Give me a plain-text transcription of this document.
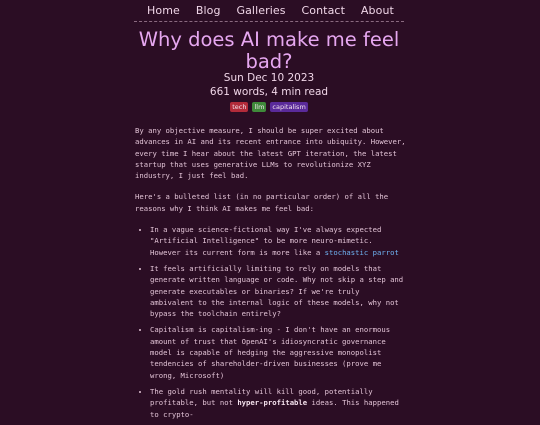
Home Blog Galleries Contact About
Why does AI make me feel bad?
Sun Dec 10 2023
661 words, 4 min read
tech	llm	capitalism

By any objective measure, I should be super excited about advances in AI and its recent entrance into ubiquity. However, every time I hear about the latest GPT iteration, the latest startup that uses generative LLMs to revolutionize XYZ industry, I just feel bad.

Here's a bulleted list (in no particular order) of all the reasons why I think AI makes me feel bad:

• In a vague science-fictional way I've always expected "Artificial Intelligence" to be more neuro-mimetic. However its current form is more like a stochastic parrot
• It feels artificially limiting to rely on models that generate written language or code. Why not skip a step and generate executables or binaries? If we're truly ambivalent to the internal logic of these models, why not bypass the toolchain entirely?
• Capitalism is capitalism-ing - I don't have an enormous amount of trust that OpenAI's idiosyncratic governance model is capable of hedging the aggressive monopolist tendencies of shareholder-driven businesses (prove me wrong, Microsoft)
• The gold rush mentality will kill good, potentially profitable, but not hyper-profitable ideas. This happened to crypto-
